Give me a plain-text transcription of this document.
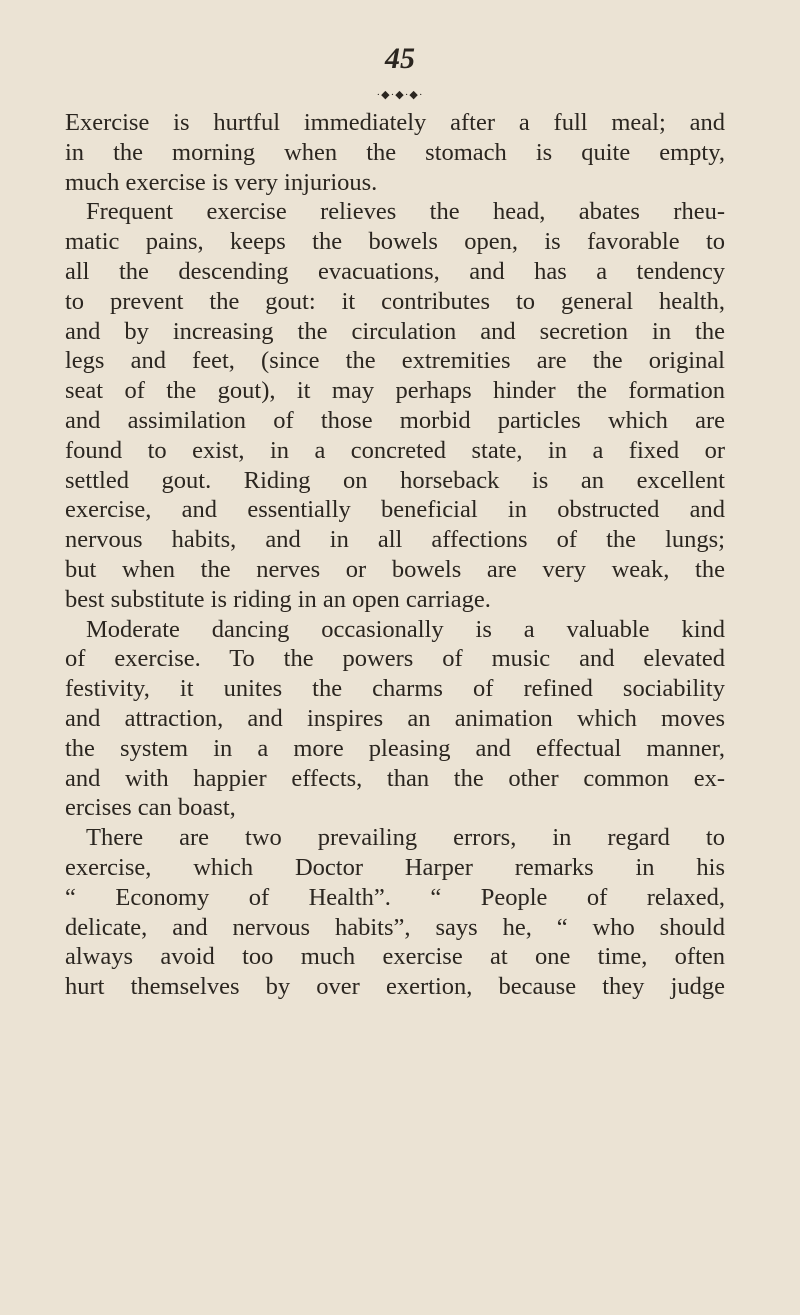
45
·◆·◆·◆·
Exercise is hurtful immediately after a full meal; and
in the morning when the stomach is quite empty,
much exercise is very injurious.
Frequent exercise relieves the head, abates rheu-
matic pains, keeps the bowels open, is favorable to
all the descending evacuations, and has a tendency
to prevent the gout: it contributes to general health,
and by increasing the circulation and secretion in the
legs and feet, (since the extremities are the original
seat of the gout), it may perhaps hinder the formation
and assimilation of those morbid particles which are
found to exist, in a concreted state, in a fixed or
settled gout. Riding on horseback is an excellent
exercise, and essentially beneficial in obstructed and
nervous habits, and in all affections of the lungs;
but when the nerves or bowels are very weak, the
best substitute is riding in an open carriage.
Moderate dancing occasionally is a valuable kind
of exercise. To the powers of music and elevated
festivity, it unites the charms of refined sociability
and attraction, and inspires an animation which moves
the system in a more pleasing and effectual manner,
and with happier effects, than the other common ex-
ercises can boast,
There are two prevailing errors, in regard to
exercise, which Doctor Harper remarks in his
“ Economy of Health”. “ People of relaxed,
delicate, and nervous habits”, says he, “ who should
always avoid too much exercise at one time, often
hurt themselves by over exertion, because they judge
